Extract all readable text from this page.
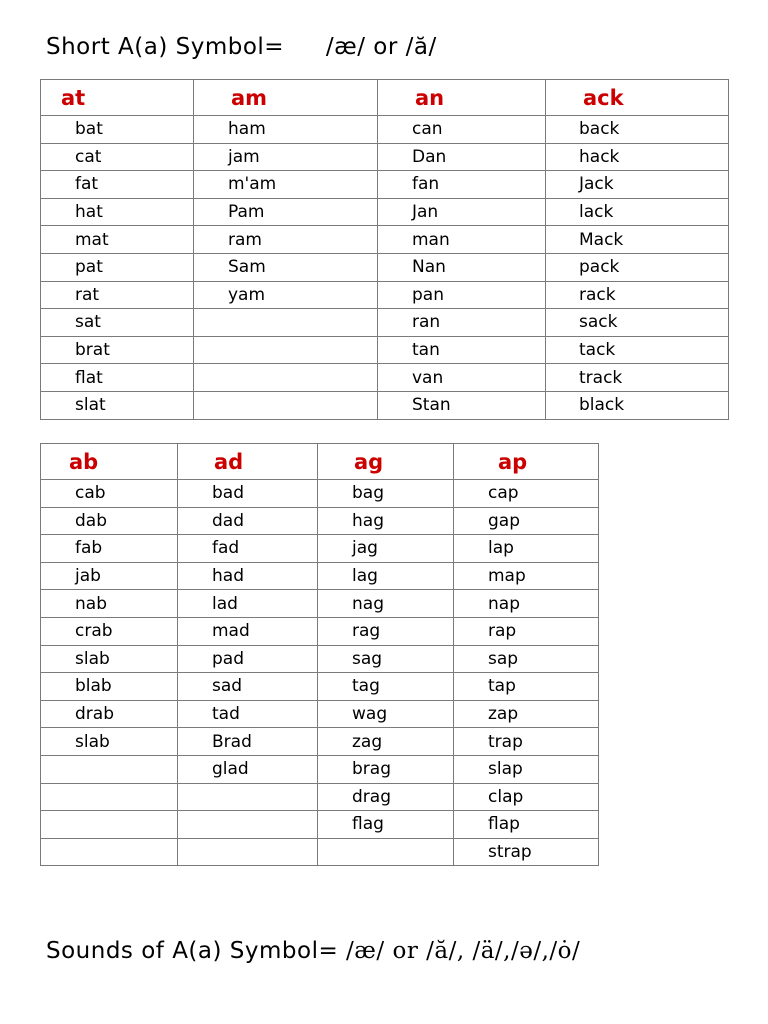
Short A(a) Symbol= /æ/ or /ă/
at	am	an	ack
bat	ham	can	back
cat	jam	Dan	hack
fat	m'am	fan	Jack
hat	Pam	Jan	lack
mat	ram	man	Mack
pat	Sam	Nan	pack
rat	yam	pan	rack
sat		ran	sack
brat		tan	tack
flat		van	track
slat		Stan	black
ab	ad	ag	ap
cab	bad	bag	cap
dab	dad	hag	gap
fab	fad	jag	lap
jab	had	lag	map
nab	lad	nag	nap
crab	mad	rag	rap
slab	pad	sag	sap
blab	sad	tag	tap
drab	tad	wag	zap
slab	Brad	zag	trap
	glad	brag	slap
		drag	clap
		flag	flap
			strap
Sounds of A(a) Symbol= /æ/ or /ă/, /ä/,/ə/,/ȯ/
